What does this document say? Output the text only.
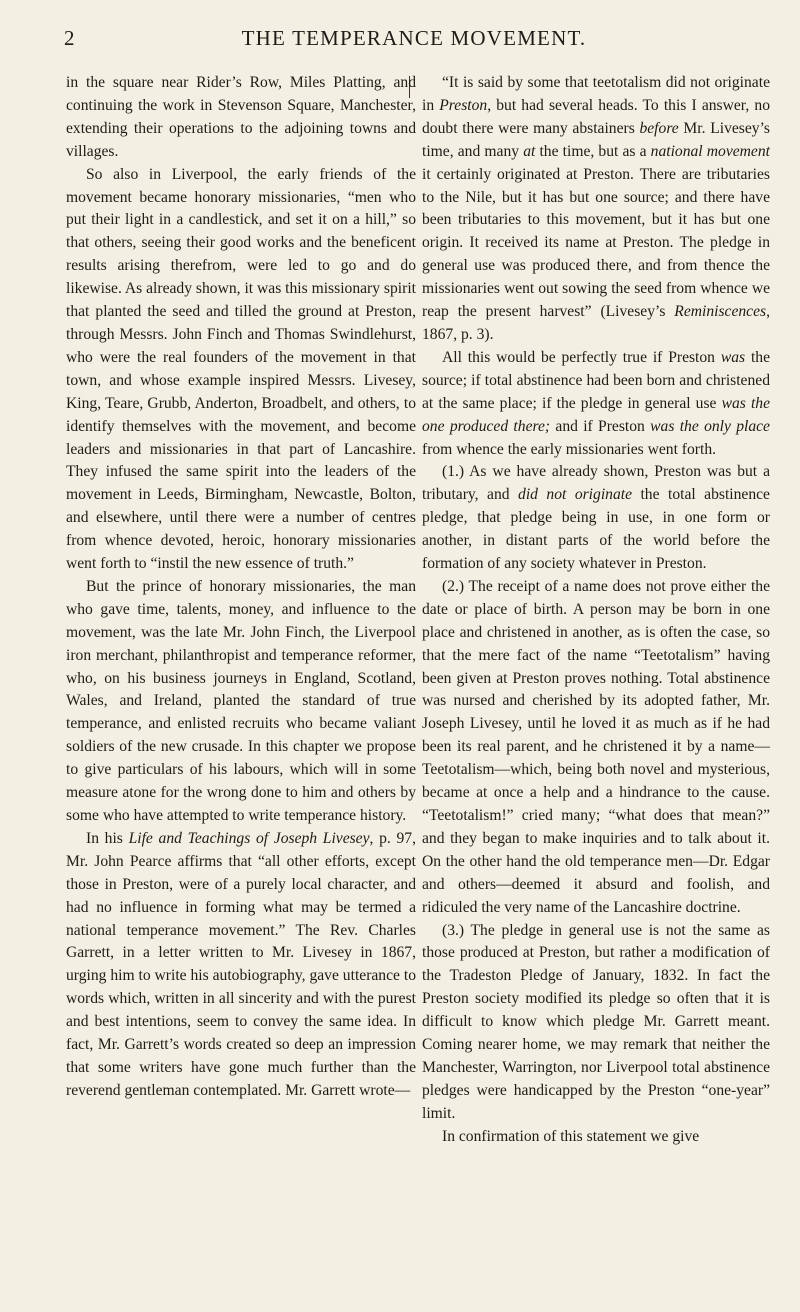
2	THE TEMPERANCE MOVEMENT.

in the square near Rider’s Row, Miles Platting, and continuing the work in Stevenson Square, Manchester, extending their operations to the adjoining towns and villages.

So also in Liverpool, the early friends of the movement became honorary missionaries, “men who put their light in a candlestick, and set it on a hill,” so that others, seeing their good works and the beneficent results arising therefrom, were led to go and do likewise. As already shown, it was this missionary spirit that planted the seed and tilled the ground at Preston, through Messrs. John Finch and Thomas Swindlehurst, who were the real founders of the movement in that town, and whose example inspired Messrs. Livesey, King, Teare, Grubb, Anderton, Broadbelt, and others, to identify themselves with the movement, and become leaders and missionaries in that part of Lancashire. They infused the same spirit into the leaders of the movement in Leeds, Birmingham, Newcastle, Bolton, and elsewhere, until there were a number of centres from whence devoted, heroic, honorary missionaries went forth to “instil the new essence of truth.”

But the prince of honorary missionaries, the man who gave time, talents, money, and influence to the movement, was the late Mr. John Finch, the Liverpool iron merchant, philanthropist and temperance reformer, who, on his business journeys in England, Scotland, Wales, and Ireland, planted the standard of true temperance, and enlisted recruits who became valiant soldiers of the new crusade. In this chapter we propose to give particulars of his labours, which will in some measure atone for the wrong done to him and others by some who have attempted to write temperance history.

In his Life and Teachings of Joseph Livesey, p. 97, Mr. John Pearce affirms that “all other efforts, except those in Preston, were of a purely local character, and had no influence in forming what may be termed a national temperance movement.” The Rev. Charles Garrett, in a letter written to Mr. Livesey in 1867, urging him to write his autobiography, gave utterance to words which, written in all sincerity and with the purest and best intentions, seem to convey the same idea. In fact, Mr. Garrett’s words created so deep an impression that some writers have gone much further than the reverend gentleman contemplated. Mr. Garrett wrote—

“It is said by some that teetotalism did not originate in Preston, but had several heads. To this I answer, no doubt there were many abstainers before Mr. Livesey’s time, and many at the time, but as a national movement it certainly originated at Preston. There are tributaries to the Nile, but it has but one source; and there have been tributaries to this movement, but it has but one origin. It received its name at Preston. The pledge in general use was produced there, and from thence the missionaries went out sowing the seed from whence we reap the present harvest” (Livesey’s Reminiscences, 1867, p. 3).

All this would be perfectly true if Preston was the source; if total abstinence had been born and christened at the same place; if the pledge in general use was the one produced there; and if Preston was the only place from whence the early missionaries went forth.

(1.) As we have already shown, Preston was but a tributary, and did not originate the total abstinence pledge, that pledge being in use, in one form or another, in distant parts of the world before the formation of any society whatever in Preston.

(2.) The receipt of a name does not prove either the date or place of birth. A person may be born in one place and christened in another, as is often the case, so that the mere fact of the name “Teetotalism” having been given at Preston proves nothing. Total abstinence was nursed and cherished by its adopted father, Mr. Joseph Livesey, until he loved it as much as if he had been its real parent, and he christened it by a name—Teetotalism—which, being both novel and mysterious, became at once a help and a hindrance to the cause. “Teetotalism!” cried many; “what does that mean?” and they began to make inquiries and to talk about it. On the other hand the old temperance men—Dr. Edgar and others—deemed it absurd and foolish, and ridiculed the very name of the Lancashire doctrine.

(3.) The pledge in general use is not the same as those produced at Preston, but rather a modification of the Tradeston Pledge of January, 1832. In fact the Preston society modified its pledge so often that it is difficult to know which pledge Mr. Garrett meant. Coming nearer home, we may remark that neither the Manchester, Warrington, nor Liverpool total abstinence pledges were handicapped by the Preston “one-year” limit.

In confirmation of this statement we give
